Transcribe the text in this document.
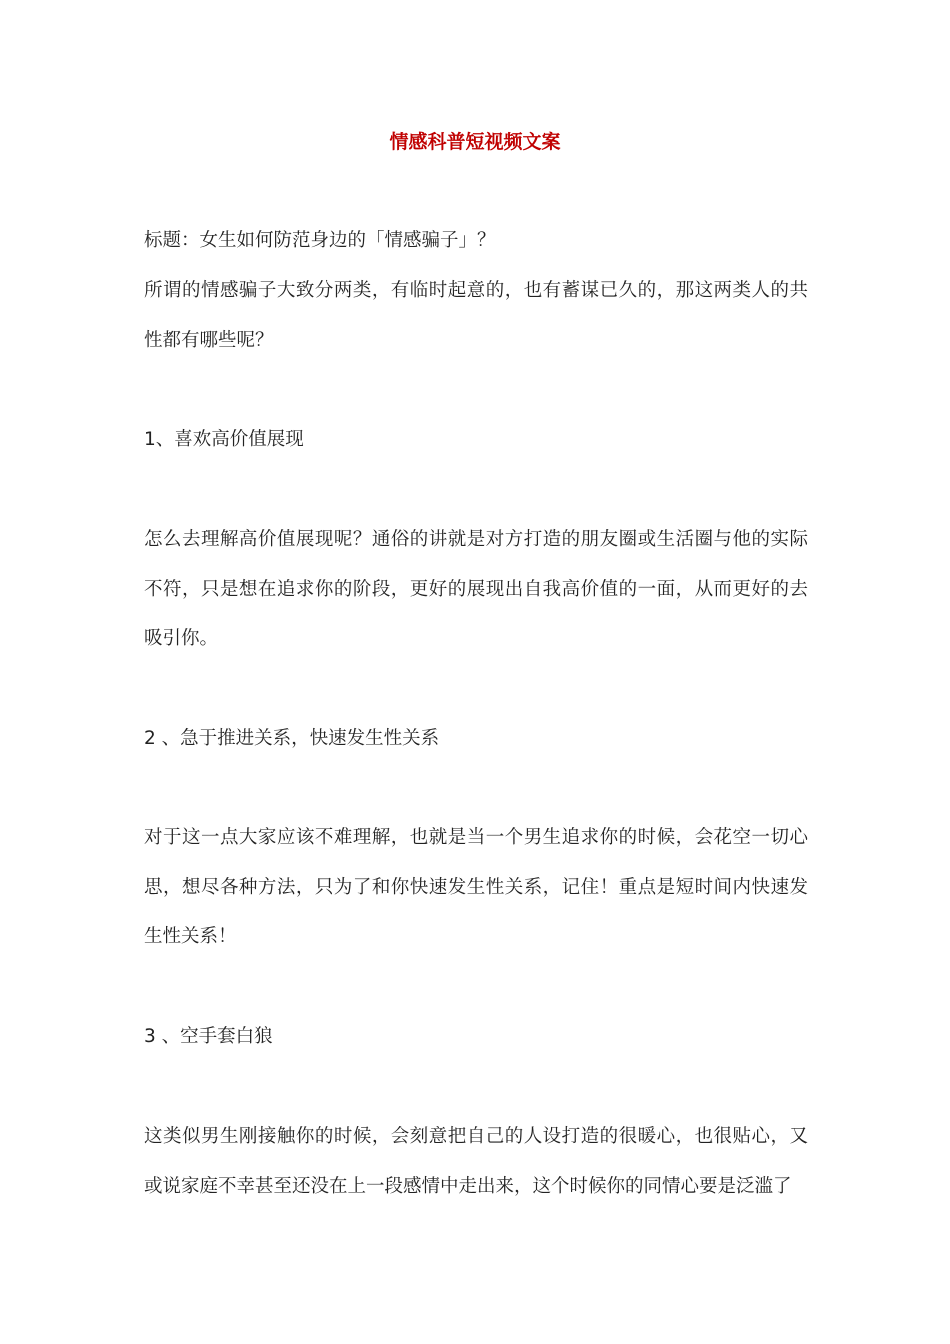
情感科普短视频文案
标题：女生如何防范身边的「情感骗子」？
所谓的情感骗子大致分两类，有临时起意的，也有蓄谋已久的，那这两类人的共性都有哪些呢？
1、喜欢高价值展现
怎么去理解高价值展现呢？通俗的讲就是对方打造的朋友圈或生活圈与他的实际不符，只是想在追求你的阶段，更好的展现出自我高价值的一面，从而更好的去吸引你。
2 、急于推进关系，快速发生性关系
对于这一点大家应该不难理解，也就是当一个男生追求你的时候，会花空一切心思，想尽各种方法，只为了和你快速发生性关系，记住！重点是短时间内快速发生性关系！
3 、空手套白狼
这类似男生刚接触你的时候，会刻意把自己的人设打造的很暖心，也很贴心，又或说家庭不幸甚至还没在上一段感情中走出来，这个时候你的同情心要是泛滥了
